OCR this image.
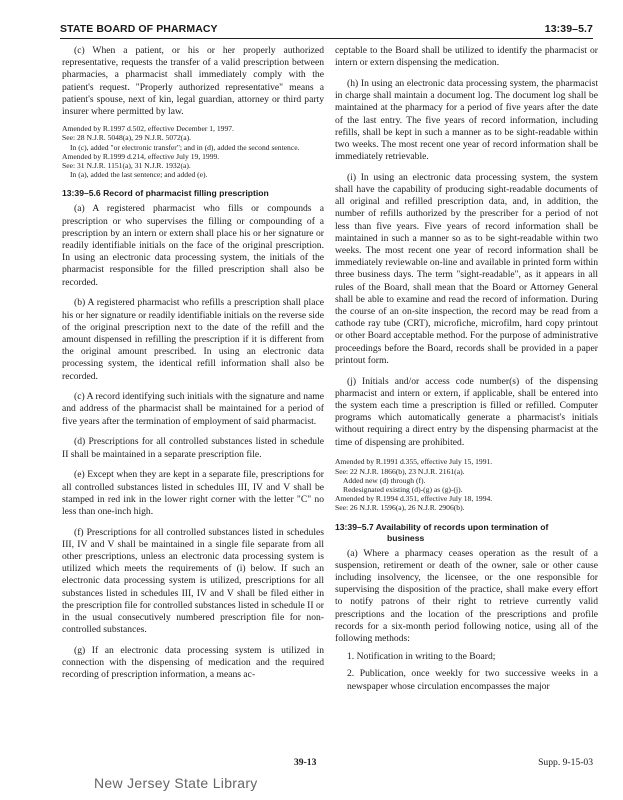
STATE BOARD OF PHARMACY	13:39–5.7

(c) When a patient, or his or her properly authorized representative, requests the transfer of a valid prescription between pharmacies, a pharmacist shall immediately comply with the patient's request. "Properly authorized representative" means a patient's spouse, next of kin, legal guardian, attorney or third party insurer where permitted by law.

Amended by R.1997 d.502, effective December 1, 1997.

See: 28 N.J.R. 5048(a), 29 N.J.R. 5072(a).

In (c), added "or electronic transfer"; and in (d), added the second sentence.

Amended by R.1999 d.214, effective July 19, 1999.

See: 31 N.J.R. 1151(a), 31 N.J.R. 1932(a).

In (a), added the last sentence; and added (e).

13:39–5.6 Record of pharmacist filling prescription

(a) A registered pharmacist who fills or compounds a prescription or who supervises the filling or compounding of a prescription by an intern or extern shall place his or her signature or readily identifiable initials on the face of the original prescription. In using an electronic data processing system, the initials of the pharmacist responsible for the filled prescription shall also be recorded.

(b) A registered pharmacist who refills a prescription shall place his or her signature or readily identifiable initials on the reverse side of the original prescription next to the date of the refill and the amount dispensed in refilling the prescription if it is different from the original amount prescribed. In using an electronic data processing system, the identical refill information shall also be recorded.

(c) A record identifying such initials with the signature and name and address of the pharmacist shall be maintained for a period of five years after the termination of employment of said pharmacist.

(d) Prescriptions for all controlled substances listed in schedule II shall be maintained in a separate prescription file.

(e) Except when they are kept in a separate file, prescriptions for all controlled substances listed in schedules III, IV and V shall be stamped in red ink in the lower right corner with the letter "C" no less than one-inch high.

(f) Prescriptions for all controlled substances listed in schedules III, IV and V shall be maintained in a single file separate from all other prescriptions, unless an electronic data processing system is utilized which meets the requirements of (i) below. If such an electronic data processing system is utilized, prescriptions for all substances listed in schedules III, IV and V shall be filed either in the prescription file for controlled substances listed in schedule II or in the usual consecutively numbered prescription file for non-controlled substances.

(g) If an electronic data processing system is utilized in connection with the dispensing of medication and the required recording of prescription information, a means ac-

ceptable to the Board shall be utilized to identify the pharmacist or intern or extern dispensing the medication.

(h) In using an electronic data processing system, the pharmacist in charge shall maintain a document log. The document log shall be maintained at the pharmacy for a period of five years after the date of the last entry. The five years of record information, including refills, shall be kept in such a manner as to be sight-readable within two weeks. The most recent one year of record information shall be immediately retrievable.

(i) In using an electronic data processing system, the system shall have the capability of producing sight-readable documents of all original and refilled prescription data, and, in addition, the number of refills authorized by the prescriber for a period of not less than five years. Five years of record information shall be maintained in such a manner so as to be sight-readable within two weeks. The most recent one year of record information shall be immediately reviewable on-line and available in printed form within three business days. The term "sight-readable", as it appears in all rules of the Board, shall mean that the Board or Attorney General shall be able to examine and read the record of information. During the course of an on-site inspection, the record may be read from a cathode ray tube (CRT), microfiche, microfilm, hard copy printout or other Board acceptable method. For the purpose of administrative proceedings before the Board, records shall be provided in a paper printout form.

(j) Initials and/or access code number(s) of the dispensing pharmacist and intern or extern, if applicable, shall be entered into the system each time a prescription is filled or refilled. Computer programs which automatically generate a pharmacist's initials without requiring a direct entry by the dispensing pharmacist at the time of dispensing are prohibited.

Amended by R.1991 d.355, effective July 15, 1991.

See: 22 N.J.R. 1866(b), 23 N.J.R. 2161(a).

Added new (d) through (f).

Redesignated existing (d)-(g) as (g)-(j).

Amended by R.1994 d.351, effective July 18, 1994.

See: 26 N.J.R. 1596(a), 26 N.J.R. 2906(b).

13:39–5.7 Availability of records upon termination of
business

(a) Where a pharmacy ceases operation as the result of a suspension, retirement or death of the owner, sale or other cause including insolvency, the licensee, or the one responsible for supervising the disposition of the practice, shall make every effort to notify patrons of their right to retrieve currently valid prescriptions and the location of the prescriptions and profile records for a six-month period following notice, using all of the following methods:

1. Notification in writing to the Board;

2. Publication, once weekly for two successive weeks in a newspaper whose circulation encompasses the major

39-13	Supp. 9-15-03
New Jersey State Library
